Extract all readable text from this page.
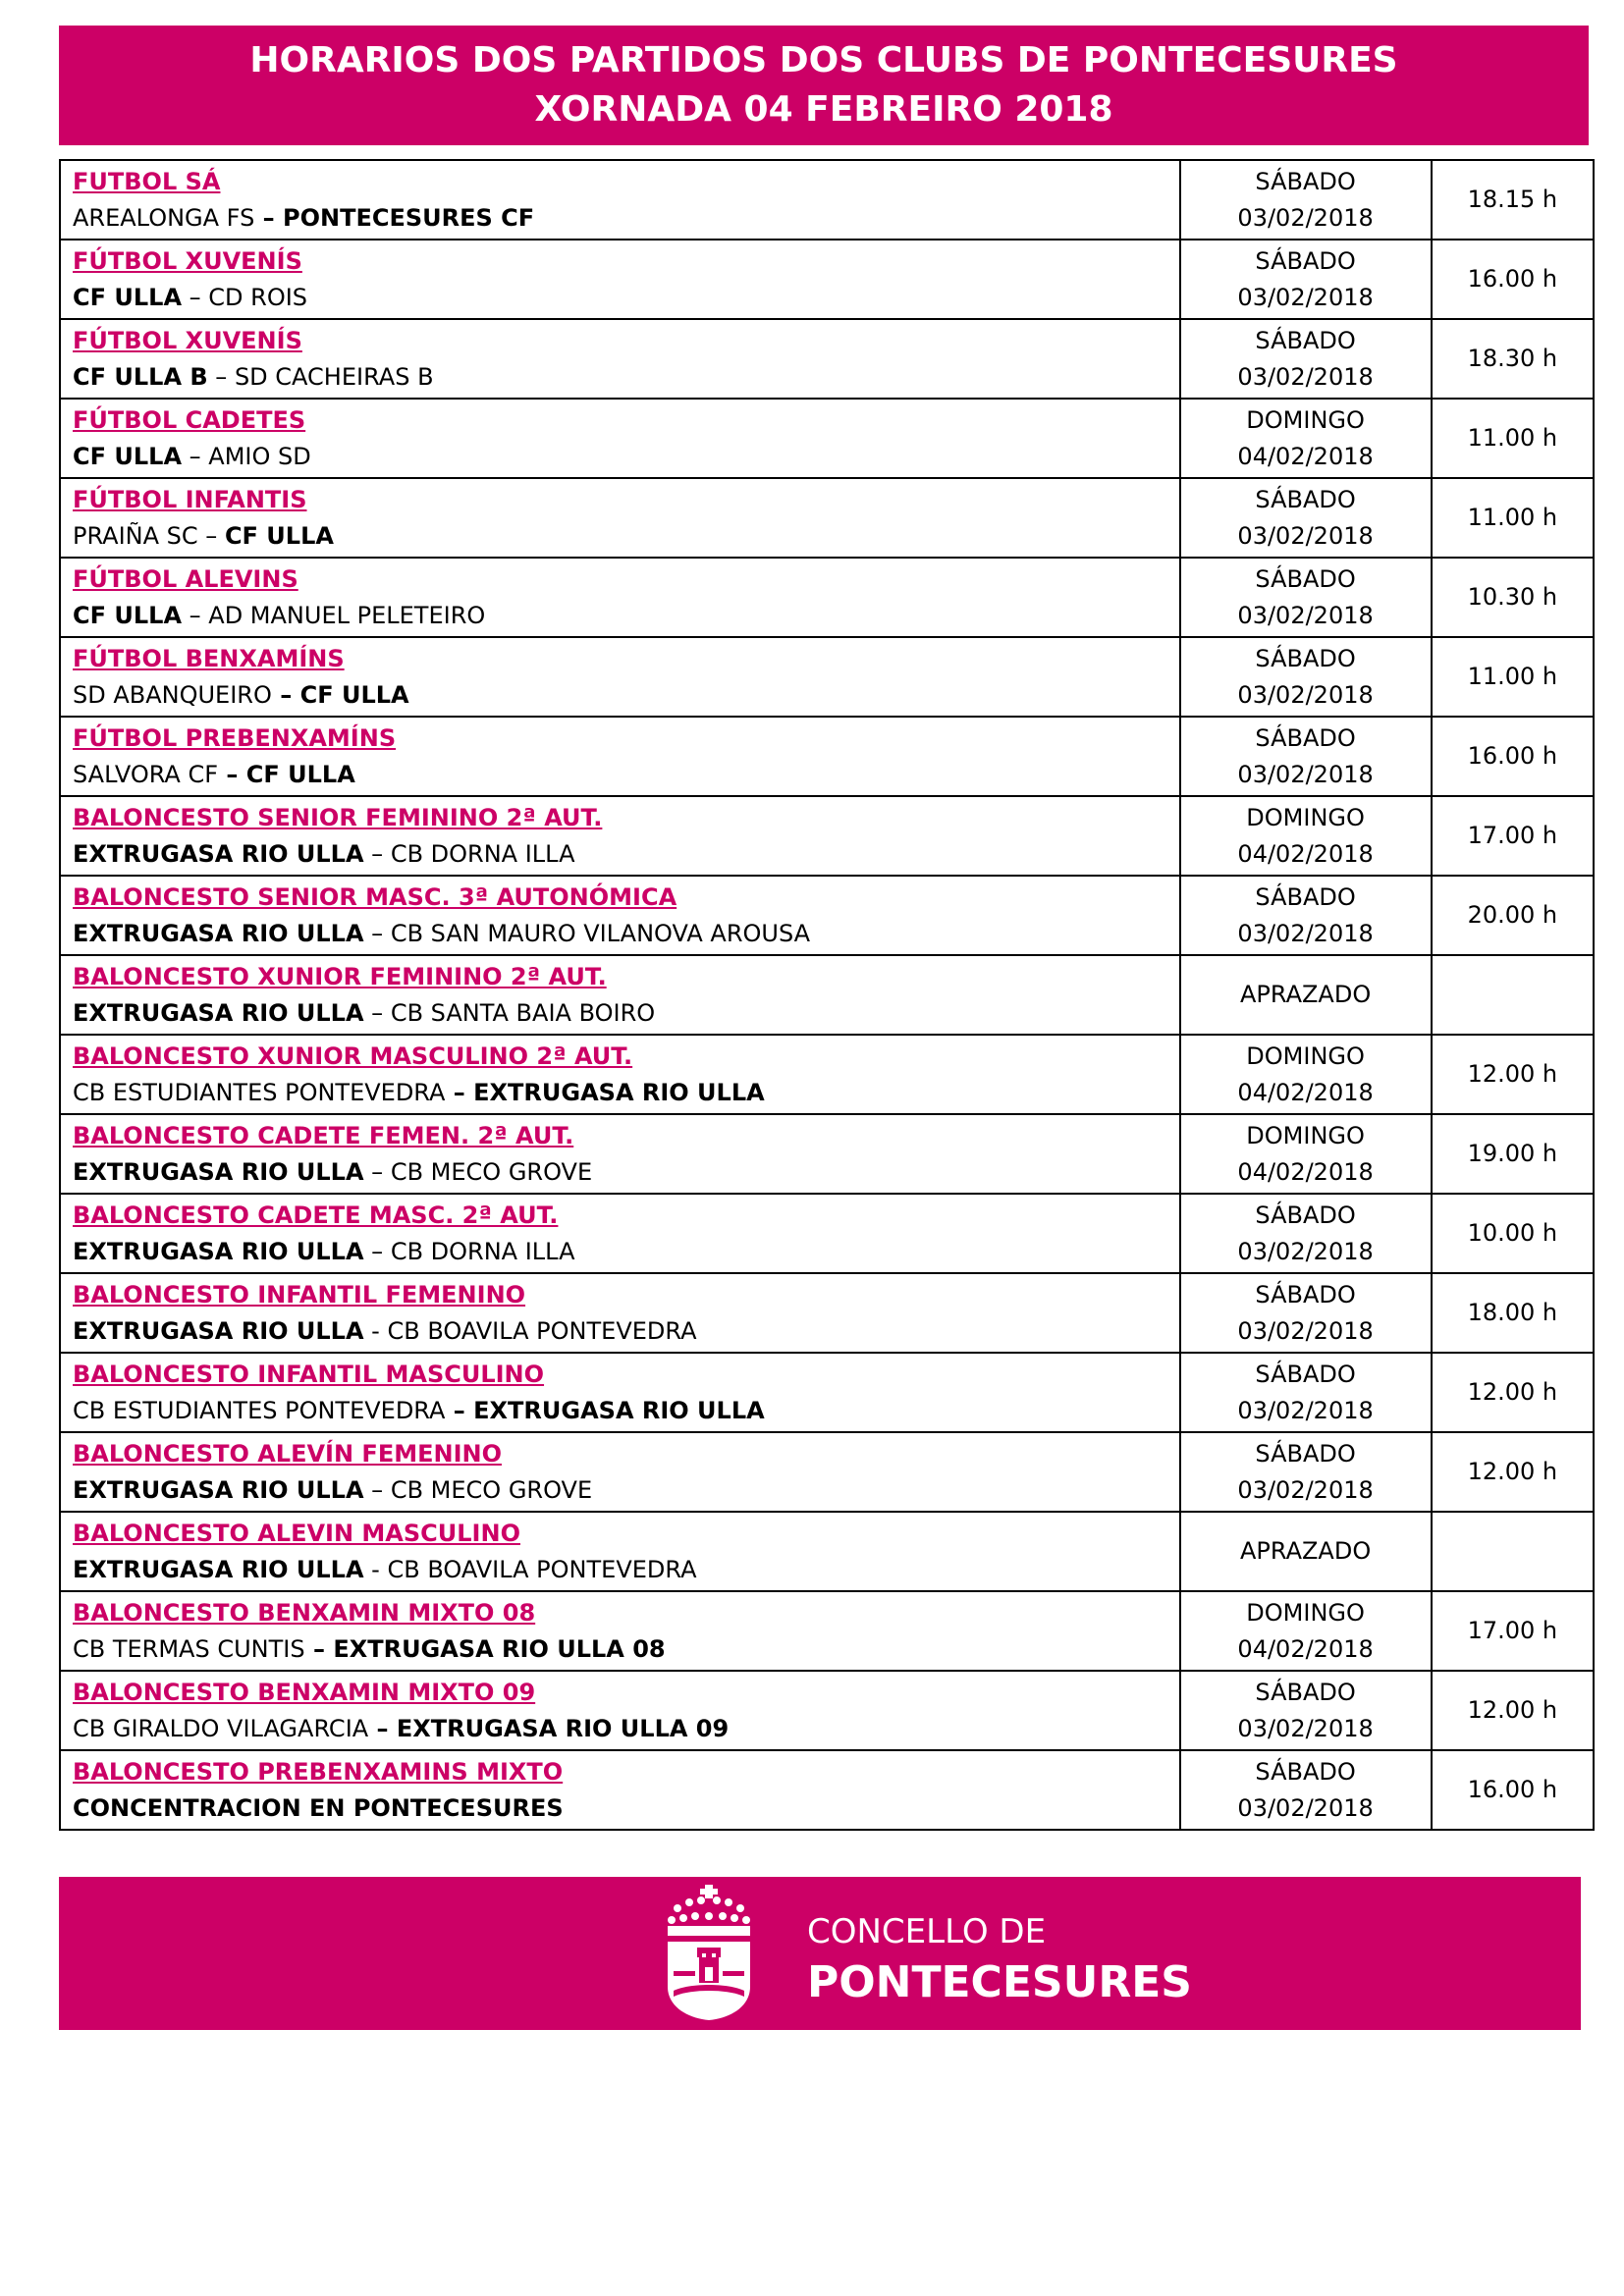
HORARIOS DOS PARTIDOS DOS CLUBS DE PONTECESURES
XORNADA 04 FEBREIRO 2018
FUTBOL SÁ
AREALONGA FS – PONTECESURES CF	SÁBADO
03/02/2018	18.15 h

FÚTBOL XUVENÍS
CF ULLA – CD ROIS	SÁBADO
03/02/2018	16.00 h

FÚTBOL XUVENÍS
CF ULLA B – SD CACHEIRAS B	SÁBADO
03/02/2018	18.30 h

FÚTBOL CADETES
CF ULLA – AMIO SD	DOMINGO
04/02/2018	11.00 h

FÚTBOL INFANTIS
PRAIÑA SC – CF ULLA	SÁBADO
03/02/2018	11.00 h

FÚTBOL ALEVINS
CF ULLA – AD MANUEL PELETEIRO	SÁBADO
03/02/2018	10.30 h

FÚTBOL BENXAMÍNS
SD ABANQUEIRO – CF ULLA	SÁBADO
03/02/2018	11.00 h

FÚTBOL PREBENXAMÍNS
SALVORA CF – CF ULLA	SÁBADO
03/02/2018	16.00 h

BALONCESTO SENIOR FEMININO 2ª AUT.
EXTRUGASA RIO ULLA – CB DORNA ILLA	DOMINGO
04/02/2018	17.00 h

BALONCESTO SENIOR MASC. 3ª AUTONÓMICA
EXTRUGASA RIO ULLA – CB SAN MAURO VILANOVA AROUSA	SÁBADO
03/02/2018	20.00 h

BALONCESTO XUNIOR FEMININO 2ª AUT.
EXTRUGASA RIO ULLA – CB SANTA BAIA BOIRO	APRAZADO	

BALONCESTO XUNIOR MASCULINO 2ª AUT.
CB ESTUDIANTES PONTEVEDRA – EXTRUGASA RIO ULLA	DOMINGO
04/02/2018	12.00 h

BALONCESTO CADETE FEMEN. 2ª AUT.
EXTRUGASA RIO ULLA – CB MECO GROVE	DOMINGO
04/02/2018	19.00 h

BALONCESTO CADETE MASC. 2ª AUT.
EXTRUGASA RIO ULLA – CB DORNA ILLA	SÁBADO
03/02/2018	10.00 h

BALONCESTO INFANTIL FEMENINO
EXTRUGASA RIO ULLA - CB BOAVILA PONTEVEDRA	SÁBADO
03/02/2018	18.00 h

BALONCESTO INFANTIL MASCULINO
CB ESTUDIANTES PONTEVEDRA – EXTRUGASA RIO ULLA	SÁBADO
03/02/2018	12.00 h

BALONCESTO ALEVÍN FEMENINO
EXTRUGASA RIO ULLA – CB MECO GROVE	SÁBADO
03/02/2018	12.00 h

BALONCESTO ALEVIN MASCULINO
EXTRUGASA RIO ULLA - CB BOAVILA PONTEVEDRA	APRAZADO	

BALONCESTO BENXAMIN MIXTO 08
CB TERMAS CUNTIS – EXTRUGASA RIO ULLA 08	DOMINGO
04/02/2018	17.00 h

BALONCESTO BENXAMIN MIXTO 09
CB GIRALDO VILAGARCIA – EXTRUGASA RIO ULLA 09	SÁBADO
03/02/2018	12.00 h

BALONCESTO PREBENXAMINS MIXTO
CONCENTRACION EN PONTECESURES	SÁBADO
03/02/2018	16.00 h
CONCELLO DE
PONTECESURES
